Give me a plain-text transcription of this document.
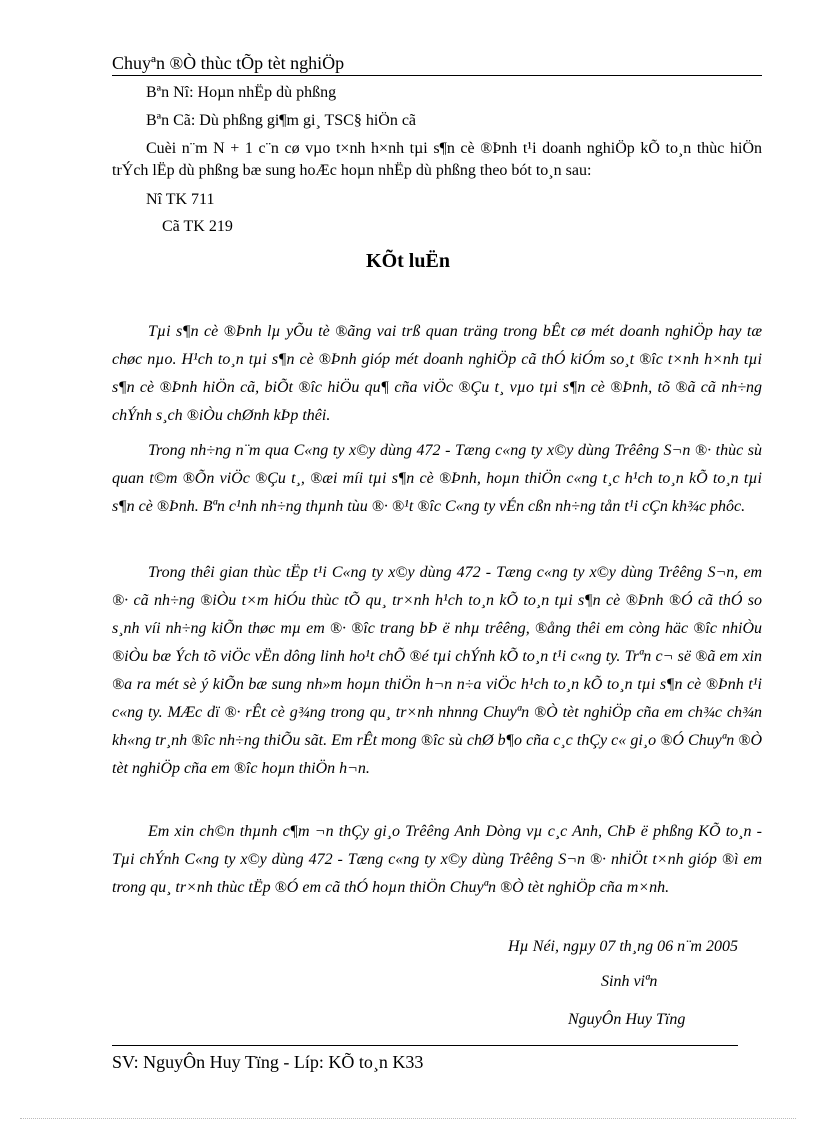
Chuyªn ®Ò thùc tÕp tèt nghiÖp
Bªn Nî: Hoµn nhËp dù phßng
Bªn Cã: Dù phßng gi¶m gi¸ TSC§ hiÖn cã
Cuèi n¨m N + 1 c¨n cø vµo t×nh h×nh tµi s¶n cè ®Þnh t¹i doanh nghiÖp kÕ to¸n thùc hiÖn trÝch lËp dù phßng bæ sung hoÆc hoµn nhËp dù phßng theo bót to¸n sau:
Nî TK 711
Cã TK 219
KÕt luËn
Tµi s¶n cè ®Þnh lµ yÕu tè ®ãng vai trß quan träng trong bÊt cø mét doanh nghiÖp hay tæ chøc nµo. H¹ch to¸n tµi s¶n cè ®Þnh gióp mét doanh nghiÖp cã thÓ kiÓm so¸t ®îc t×nh h×nh tµi s¶n cè ®Þnh hiÖn cã, biÕt ®îc hiÖu qu¶ cña viÖc ®Çu t¸ vµo tµi s¶n cè ®Þnh, tõ ®ã cã nh÷ng chÝnh s¸ch ®iÒu chØnh kÞp thêi.
Trong nh÷ng n¨m qua C«ng ty x©y dùng 472 - Tæng c«ng ty x©y dùng Trêêng S¬n ®· thùc sù quan t©m ®Õn viÖc ®Çu t¸, ®æi míi tµi s¶n cè ®Þnh, hoµn thiÖn c«ng t¸c h¹ch to¸n kÕ to¸n tµi s¶n cè ®Þnh. Bªn c¹nh nh÷ng thµnh tùu ®· ®¹t ®îc C«ng ty vÉn cßn nh÷ng tån t¹i cÇn kh¾c phôc.
Trong thêi gian thùc tËp t¹i C«ng ty x©y dùng 472 - Tæng c«ng ty x©y dùng Trêêng S¬n, em ®· cã nh÷ng ®iÒu t×m hiÓu thùc tÕ qu¸ tr×nh h¹ch to¸n kÕ to¸n tµi s¶n cè ®Þnh ®Ó cã thÓ so s¸nh víi nh÷ng kiÕn thøc mµ em ®· ®îc trang bÞ ë nhµ trêêng, ®ång thêi em còng häc ®îc nhiÒu ®iÒu bæ Ých tõ viÖc vËn dông linh ho¹t chÕ ®é tµi chÝnh kÕ to¸n t¹i c«ng ty. Trªn c¬ së ®ã em xin ®a ra mét sè ý kiÕn bæ sung nh»m hoµn thiÖn h¬n n÷a viÖc h¹ch to¸n kÕ to¸n tµi s¶n cè ®Þnh t¹i c«ng ty. MÆc dï ®· rÊt cè g¾ng trong qu¸ tr×nh nhnng Chuyªn ®Ò tèt nghiÖp cña em ch¾c ch¾n kh«ng tr¸nh ®îc nh÷ng thiÕu sãt. Em rÊt mong ®îc sù chØ b¶o cña c¸c thÇy c« gi¸o ®Ó Chuyªn ®Ò tèt nghiÖp cña em ®îc hoµn thiÖn h¬n.
Em xin ch©n thµnh c¶m ¬n thÇy gi¸o Trêêng Anh Dòng vµ c¸c Anh, ChÞ ë phßng KÕ to¸n - Tµi chÝnh C«ng ty x©y dùng 472 - Tæng c«ng ty x©y dùng Trêêng S¬n ®· nhiÖt t×nh gióp ®ì em trong qu¸ tr×nh thùc tËp ®Ó em cã thÓ hoµn thiÖn Chuyªn ®Ò tèt nghiÖp cña m×nh.
Hµ Néi, ngµy 07 th¸ng 06 n¨m 2005
Sinh viªn
NguyÔn Huy Tïng
SV: NguyÔn Huy Tïng - Líp: KÕ to¸n K33
